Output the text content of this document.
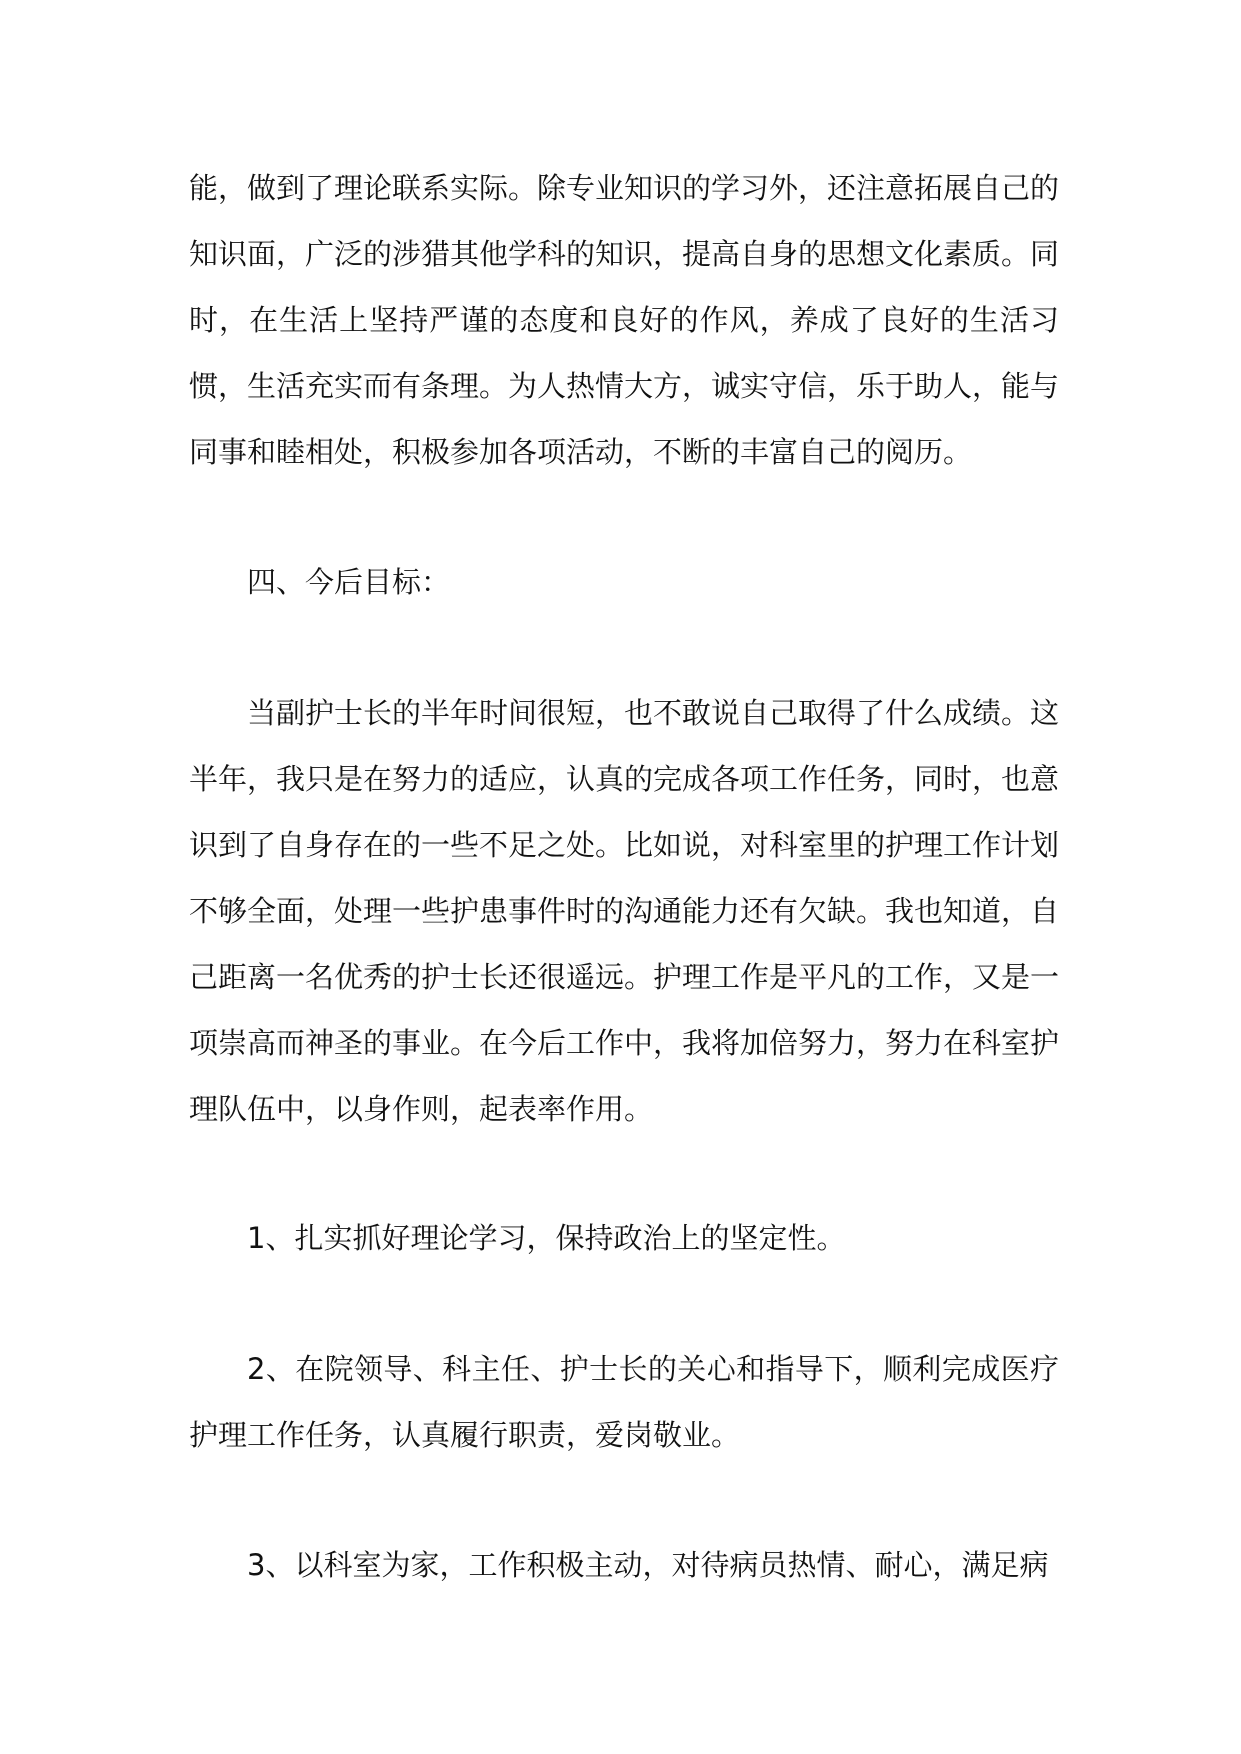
能，做到了理论联系实际。除专业知识的学习外，还注意拓展自己的知识面，广泛的涉猎其他学科的知识，提高自身的思想文化素质。同时，在生活上坚持严谨的态度和良好的作风，养成了良好的生活习惯，生活充实而有条理。为人热情大方，诚实守信，乐于助人，能与同事和睦相处，积极参加各项活动，不断的丰富自己的阅历。

四、今后目标：

当副护士长的半年时间很短，也不敢说自己取得了什么成绩。这半年，我只是在努力的适应，认真的完成各项工作任务，同时，也意识到了自身存在的一些不足之处。比如说，对科室里的护理工作计划不够全面，处理一些护患事件时的沟通能力还有欠缺。我也知道，自己距离一名优秀的护士长还很遥远。护理工作是平凡的工作，又是一项崇高而神圣的事业。在今后工作中，我将加倍努力，努力在科室护理队伍中，以身作则，起表率作用。

1、扎实抓好理论学习，保持政治上的坚定性。

2、在院领导、科主任、护士长的关心和指导下，顺利完成医疗护理工作任务，认真履行职责，爱岗敬业。

3、以科室为家，工作积极主动，对待病员热情、耐心，满足病
